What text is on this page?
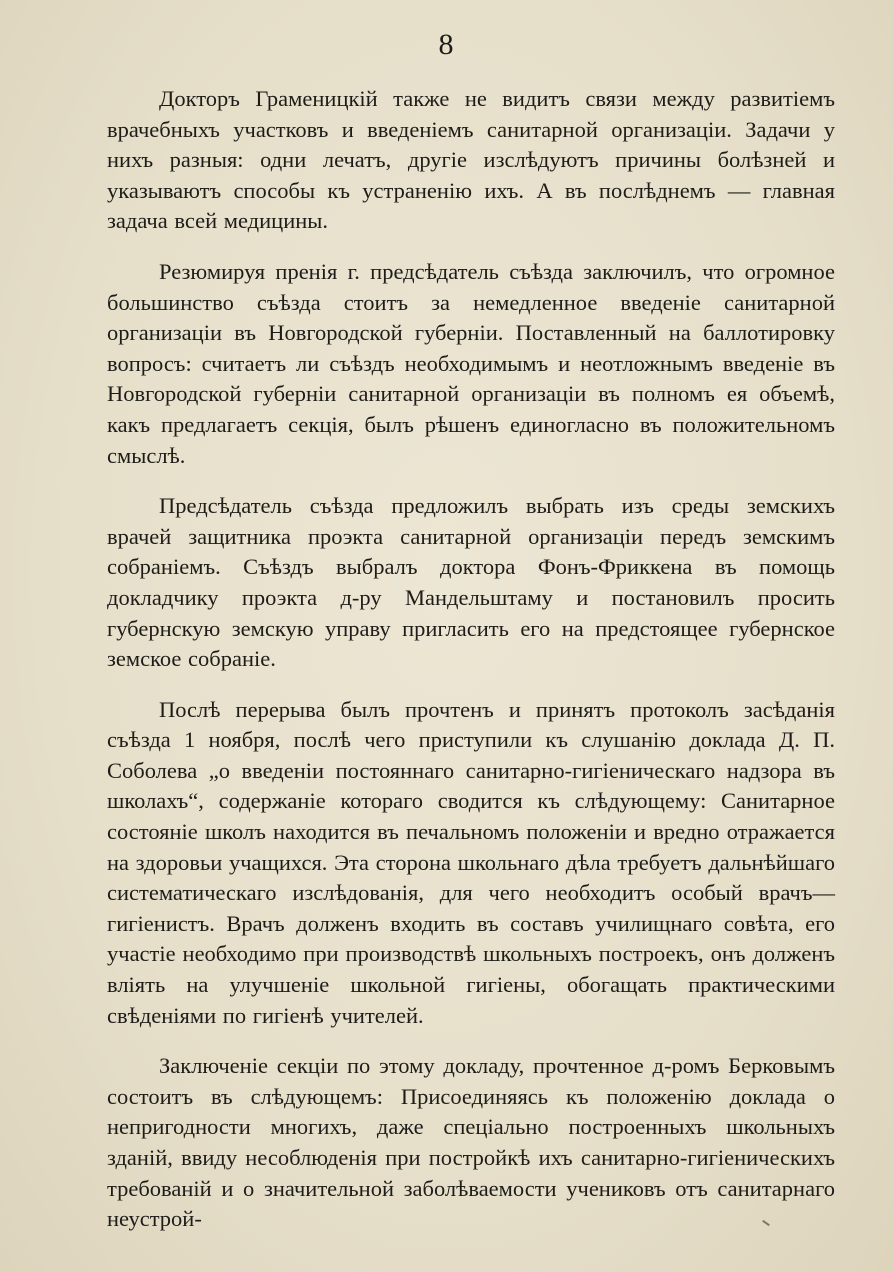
8

Докторъ Граменицкій также не видитъ связи между развитіемъ врачебныхъ участковъ и введеніемъ санитарной организаціи. Задачи у нихъ разныя: одни лечатъ, другіе изслѣдуютъ причины болѣзней и указываютъ способы къ устраненію ихъ. А въ послѣднемъ — главная задача всей медицины.

Резюмируя пренія г. предсѣдатель съѣзда заключилъ, что огромное большинство съѣзда стоитъ за немедленное введеніе санитарной организаціи въ Новгородской губерніи. Поставленный на баллотировку вопросъ: считаетъ ли съѣздъ необходимымъ и неотложнымъ введеніе въ Новгородской губерніи санитарной организаціи въ полномъ ея объемѣ, какъ предлагаетъ секція, былъ рѣшенъ единогласно въ положительномъ смыслѣ.

Предсѣдатель съѣзда предложилъ выбрать изъ среды земскихъ врачей защитника проэкта санитарной организаціи передъ земскимъ собраніемъ. Съѣздъ выбралъ доктора Фонъ-Фриккена въ помощь докладчику проэкта д-ру Мандельштаму и постановилъ просить губернскую земскую управу пригласить его на предстоящее губернское земское собраніе.

Послѣ перерыва былъ прочтенъ и принятъ протоколъ засѣданія съѣзда 1 ноября, послѣ чего приступили къ слушанію доклада Д. П. Соболева „о введеніи постояннаго санитарно-гигіеническаго надзора въ школахъ“, содержаніе котораго сводится къ слѣдующему: Санитарное состояніе школъ находится въ печальномъ положеніи и вредно отражается на здоровьи учащихся. Эта сторона школьнаго дѣла требуетъ дальнѣйшаго систематическаго изслѣдованія, для чего необходитъ особый врачъ—гигіенистъ. Врачъ долженъ входить въ составъ училищнаго совѣта, его участіе необходимо при производствѣ школьныхъ построекъ, онъ долженъ вліять на улучшеніе школьной гигіены, обогащать практическими свѣденіями по гигіенѣ учителей.

Заключеніе секціи по этому докладу, прочтенное д-ромъ Берковымъ состоитъ въ слѣдующемъ: Присоединяясь къ положенію доклада о непригодности многихъ, даже спеціально построенныхъ школьныхъ зданій, ввиду несоблюденія при постройкѣ ихъ санитарно-гигіеническихъ требованій и о значительной заболѣваемости учениковъ отъ санитарнаго неустрой-
